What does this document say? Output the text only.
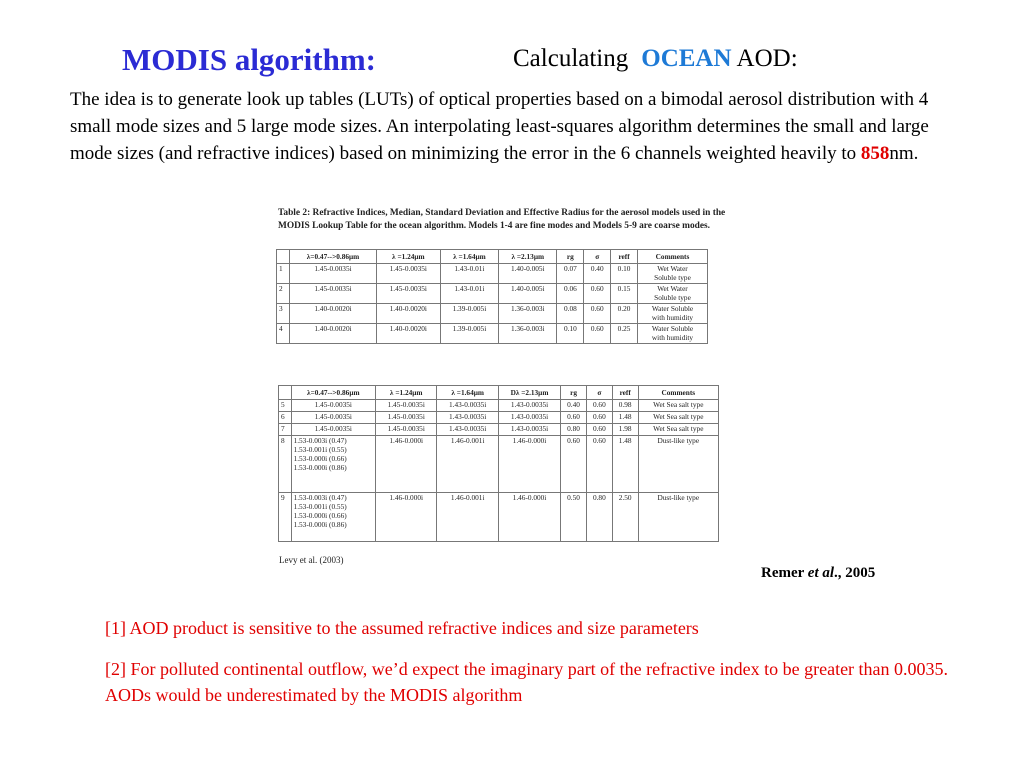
MODIS algorithm:	Calculating OCEAN AOD:
The idea is to generate look up tables (LUTs) of optical properties based on a bimodal aerosol distribution with 4 small mode sizes and 5 large mode sizes. An interpolating least-squares algorithm determines the small and large mode sizes (and refractive indices) based on minimizing the error in the 6 channels weighted heavily to 858nm.
Table 2: Refractive Indices, Median, Standard Deviation and Effective Radius for the aerosol models used in the MODIS Lookup Table for the ocean algorithm. Models 1-4 are fine modes and Models 5-9 are coarse modes.
	λ=0.47-->0.86μm	λ =1.24μm	λ =1.64μm	λ =2.13μm	rg	σ	reff	Comments
1	1.45-0.0035i	1.45-0.0035i	1.43-0.01i	1.40-0.005i	0.07	0.40	0.10	Wet Water
Soluble type
2	1.45-0.0035i	1.45-0.0035i	1.43-0.01i	1.40-0.005i	0.06	0.60	0.15	Wet Water
Soluble type
3	1.40-0.0020i	1.40-0.0020i	1.39-0.005i	1.36-0.003i	0.08	0.60	0.20	Water Soluble
with humidity
4	1.40-0.0020i	1.40-0.0020i	1.39-0.005i	1.36-0.003i	0.10	0.60	0.25	Water Soluble
with humidity
	λ=0.47-->0.86μm	λ =1.24μm	λ =1.64μm	Dλ =2.13μm	rg	σ	reff	Comments
5	1.45-0.0035i	1.45-0.0035i	1.43-0.0035i	1.43-0.0035i	0.40	0.60	0.98	Wet Sea salt type
6	1.45-0.0035i	1.45-0.0035i	1.43-0.0035i	1.43-0.0035i	0.60	0.60	1.48	Wet Sea salt type
7	1.45-0.0035i	1.45-0.0035i	1.43-0.0035i	1.43-0.0035i	0.80	0.60	1.98	Wet Sea salt type
8	1.53-0.003i (0.47)
1.53-0.001i (0.55)
1.53-0.000i (0.66)
1.53-0.000i (0.86)	1.46-0.000i	1.46-0.001i	1.46-0.000i	0.60	0.60	1.48	Dust-like type
9	1.53-0.003i (0.47)
1.53-0.001i (0.55)
1.53-0.000i (0.66)
1.53-0.000i (0.86)	1.46-0.000i	1.46-0.001i	1.46-0.000i	0.50	0.80	2.50	Dust-like type
Levy et al. (2003)
Remer et al., 2005
[1] AOD product is sensitive to the assumed refractive indices and size parameters
[2] For polluted continental outflow, we’d expect the imaginary part of the refractive index to be greater than 0.0035. AODs would be underestimated by the MODIS algorithm
